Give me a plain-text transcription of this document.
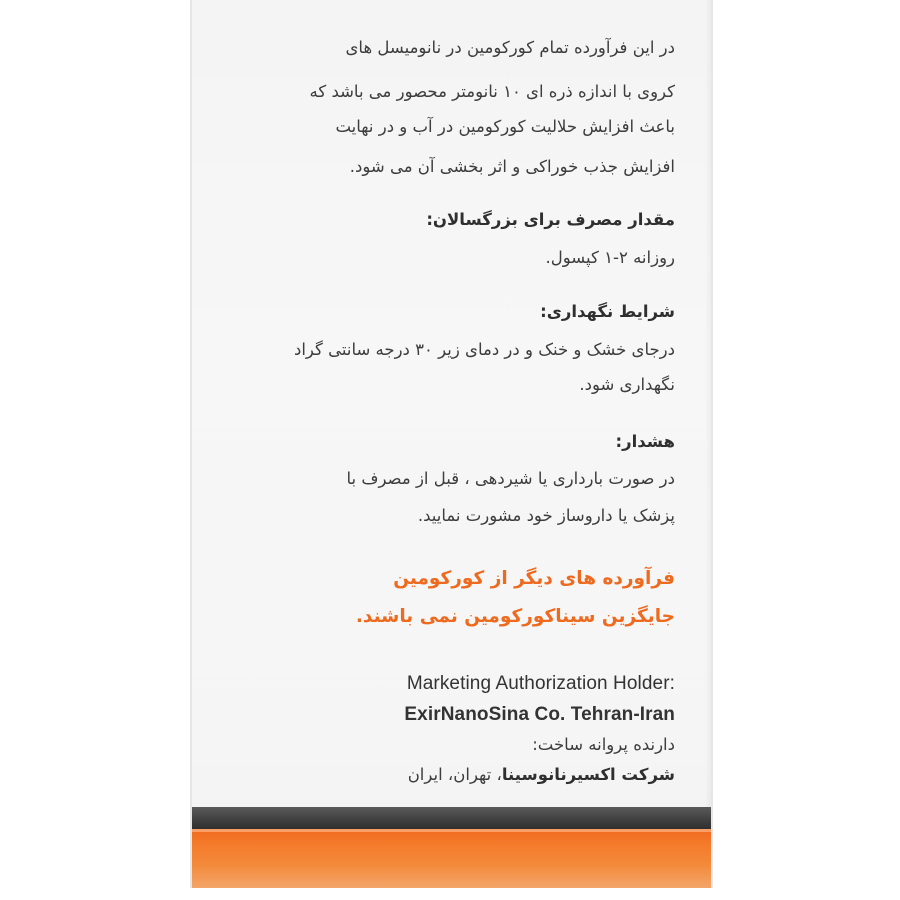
در این فرآورده تمام کورکومین در نانومیسل های
کروی با اندازه ذره ای ۱۰ نانومتر محصور می باشد که
باعث افزایش حلالیت کورکومین در آب و در نهایت
افزایش جذب خوراکی و اثر بخشی آن می شود.
مقدار مصرف برای بزرگسالان:
روزانه ۲-۱ کپسول.
شرایط نگهداری:
درجای خشک و خنک و در دمای زیر ۳۰ درجه سانتی گراد
نگهداری شود.
هشدار:
در صورت بارداری یا شیردهی ، قبل از مصرف با
پزشک یا داروساز خود مشورت نمایید.
فرآورده های دیگر از کورکومین
جایگزین سیناکورکومین نمی باشند.
Marketing Authorization Holder:
ExirNanoSina Co. Tehran-Iran
دارنده پروانه ساخت:
شرکت اکسیرنانوسینا، تهران، ایران
